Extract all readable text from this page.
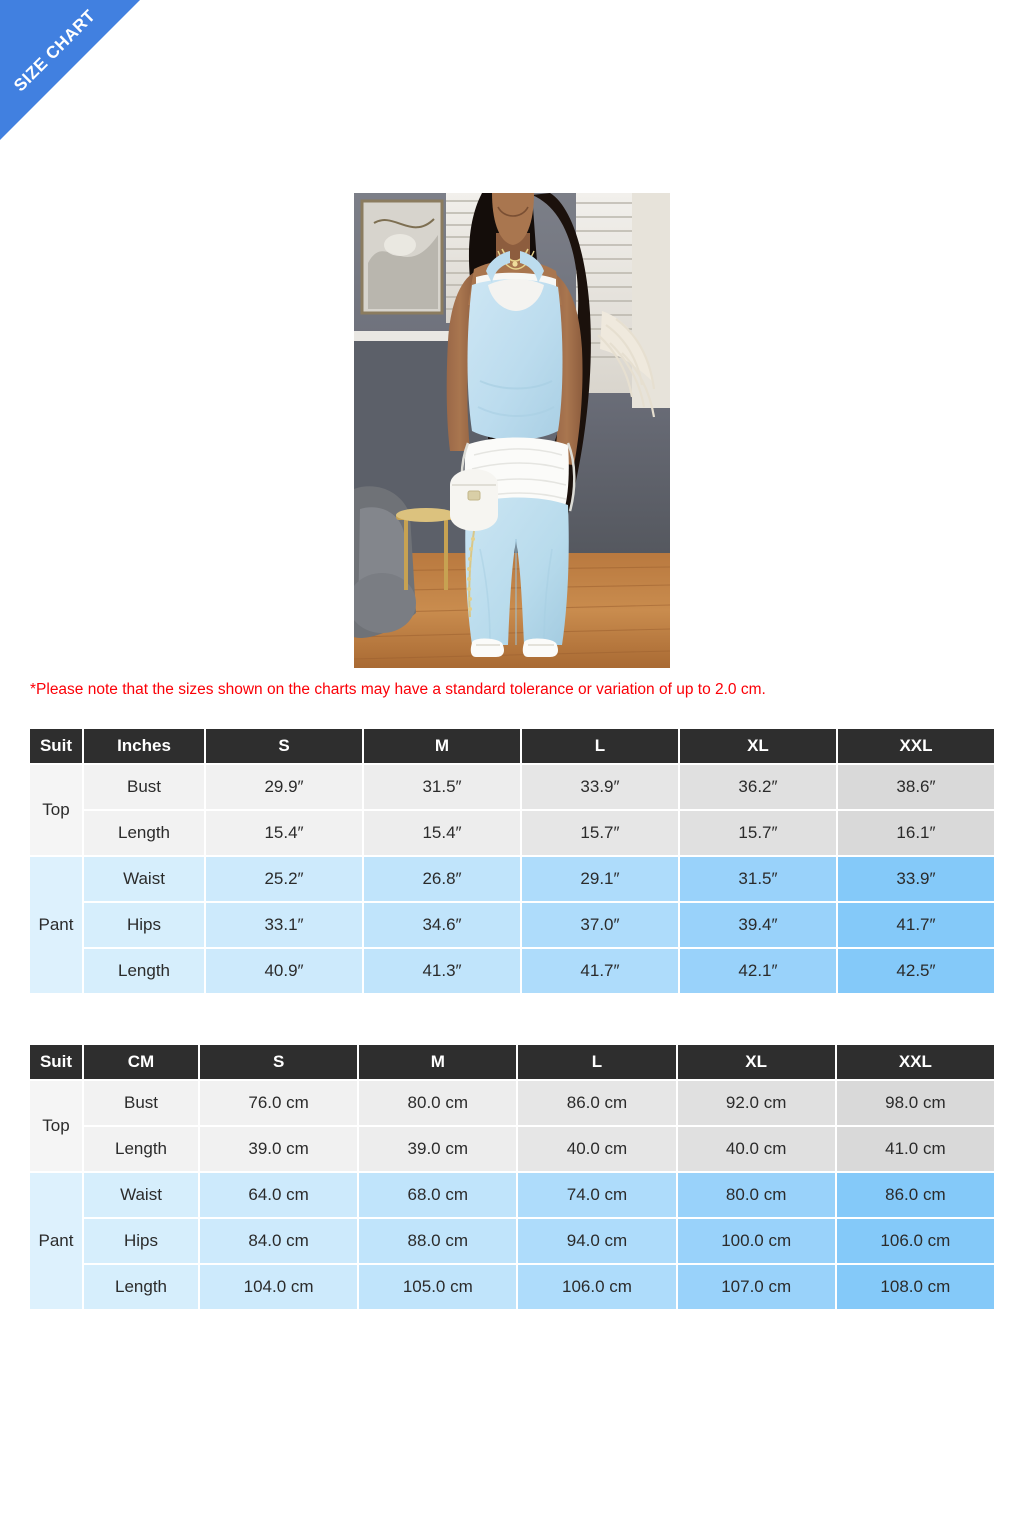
SIZE CHART
*Please note that the sizes shown on the charts may have a standard tolerance or variation of up to 2.0 cm.
Suit	Inches	S	M	L	XL	XXL
Top	Bust	29.9″	31.5″	33.9″	36.2″	38.6″
	Length	15.4″	15.4″	15.7″	15.7″	16.1″
Pant	Waist	25.2″	26.8″	29.1″	31.5″	33.9″
	Hips	33.1″	34.6″	37.0″	39.4″	41.7″
	Length	40.9″	41.3″	41.7″	42.1″	42.5″
Suit	CM	S	M	L	XL	XXL
Top	Bust	76.0 cm	80.0 cm	86.0 cm	92.0 cm	98.0 cm
	Length	39.0 cm	39.0 cm	40.0 cm	40.0 cm	41.0 cm
Pant	Waist	64.0 cm	68.0 cm	74.0 cm	80.0 cm	86.0 cm
	Hips	84.0 cm	88.0 cm	94.0 cm	100.0 cm	106.0 cm
	Length	104.0 cm	105.0 cm	106.0 cm	107.0 cm	108.0 cm
